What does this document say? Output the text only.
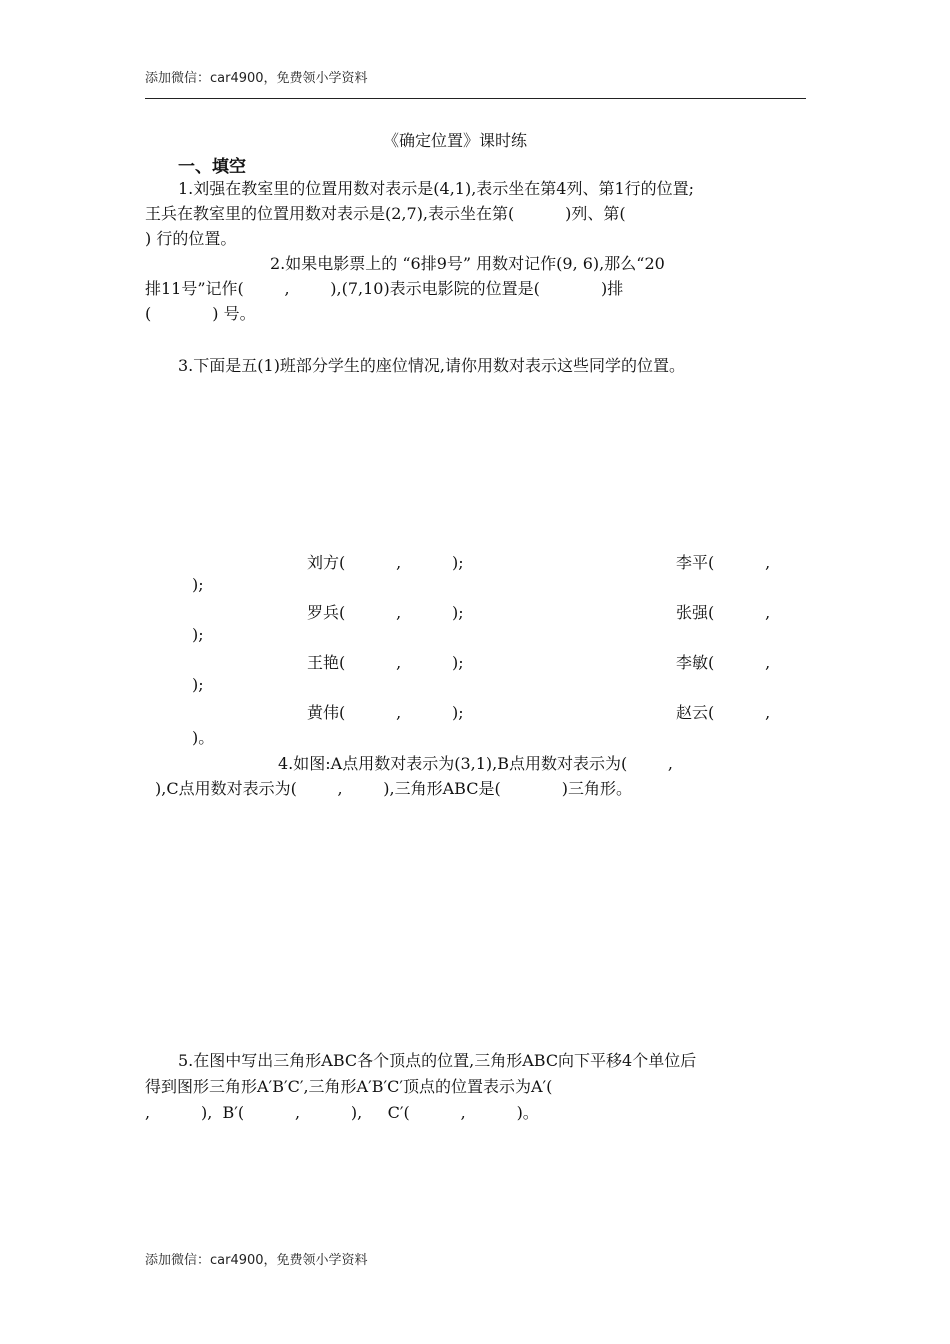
添加微信：car4900，免费领小学资料
《确定位置》课时练
一、填空
1.刘强在教室里的位置用数对表示是(4,1),表示坐在第4列、第1行的位置;
王兵在教室里的位置用数对表示是(2,7),表示坐在第(          )列、第(
) 行的位置。
2.如果电影票上的 “6排9号” 用数对记作(9, 6),那么“20
排11号”记作(        ,        ),(7,10)表示电影院的位置是(            )排
(            ) 号。
3.下面是五(1)班部分学生的座位情况,请你用数对表示这些同学的位置。
刘方(          ,          );	李平(          ,
);
罗兵(          ,          );	张强(          ,
);
王艳(          ,          );	李敏(          ,
);
黄伟(          ,          );	赵云(          ,
)。
4.如图:A点用数对表示为(3,1),B点用数对表示为(        ,
),C点用数对表示为(        ,        ),三角形ABC是(            )三角形。
5.在图中写出三角形ABC各个顶点的位置,三角形ABC向下平移4个单位后
得到图形三角形A′B′C′,三角形A′B′C′顶点的位置表示为A′(
,          ),  B′(          ,          ),     C′(          ,          )。
添加微信：car4900，免费领小学资料
